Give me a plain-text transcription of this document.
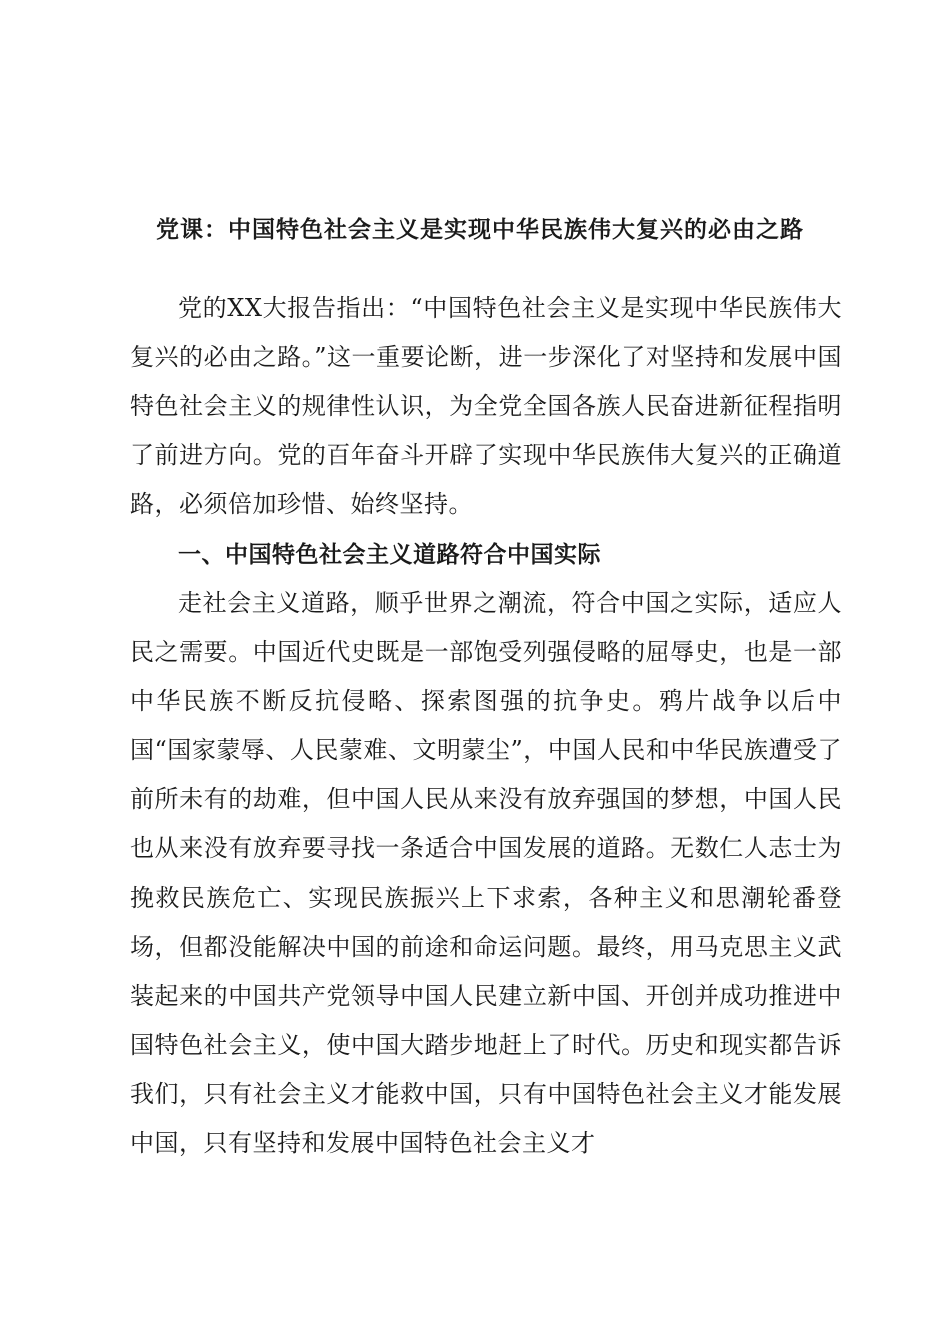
党课：中国特色社会主义是实现中华民族伟大复兴的必由之路

党的XX大报告指出：“中国特色社会主义是实现中华民族伟大复兴的必由之路。”这一重要论断，进一步深化了对坚持和发展中国特色社会主义的规律性认识，为全党全国各族人民奋进新征程指明了前进方向。党的百年奋斗开辟了实现中华民族伟大复兴的正确道路，必须倍加珍惜、始终坚持。

一、中国特色社会主义道路符合中国实际

走社会主义道路，顺乎世界之潮流，符合中国之实际，适应人民之需要。中国近代史既是一部饱受列强侵略的屈辱史，也是一部中华民族不断反抗侵略、探索图强的抗争史。鸦片战争以后中国“国家蒙辱、人民蒙难、文明蒙尘”，中国人民和中华民族遭受了前所未有的劫难，但中国人民从来没有放弃强国的梦想，中国人民也从来没有放弃要寻找一条适合中国发展的道路。无数仁人志士为挽救民族危亡、实现民族振兴上下求索，各种主义和思潮轮番登场，但都没能解决中国的前途和命运问题。最终，用马克思主义武装起来的中国共产党领导中国人民建立新中国、开创并成功推进中国特色社会主义，使中国大踏步地赶上了时代。历史和现实都告诉我们，只有社会主义才能救中国，只有中国特色社会主义才能发展中国，只有坚持和发展中国特色社会主义才
